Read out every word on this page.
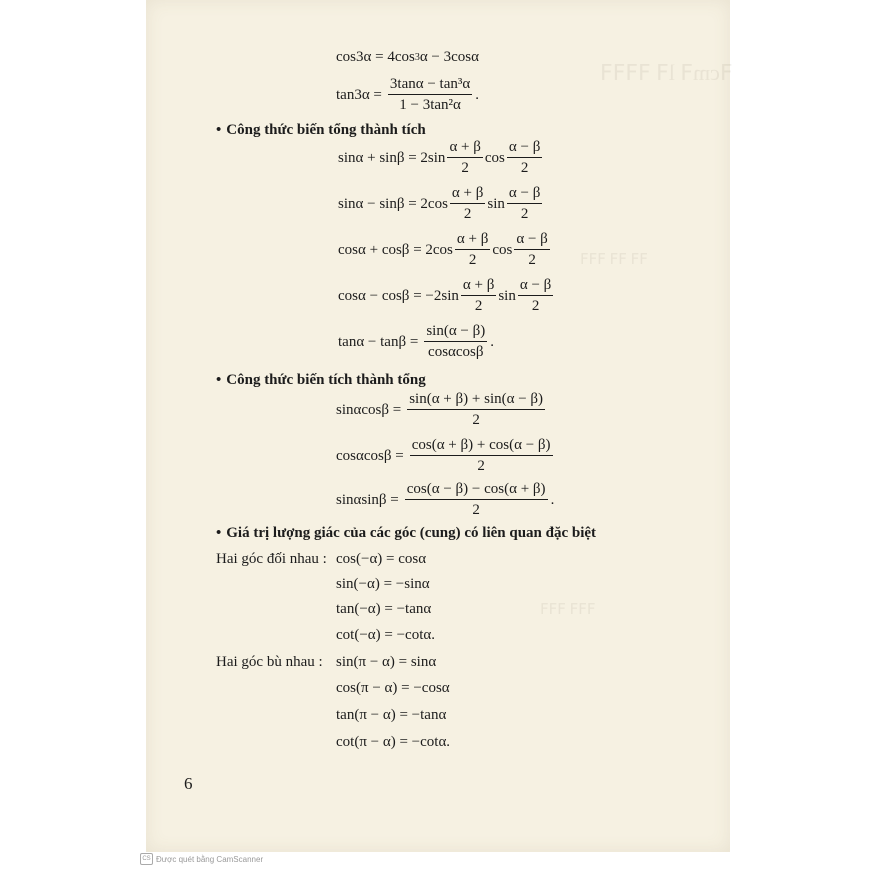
ꟻcmꟻ lꟻ ꟻꟻꟻꟻ
ꟻꟻ ꟻꟻ ꟻꟻꟻ
ꟻꟻꟻ ꟻꟻꟻ
cos3α = 4cos 3 α − 3cosα
$\tan 3\alpha = \frac{\text{3tanα − tan³α}}{\text{1 − 3tan²α}}$ .
• Công thức biến tổng thành tích
$\sin\alpha + \sin\beta = 2\sin \frac{\alpha + \beta}{2}$ $\cos \frac{\alpha - \beta}{2}$
$\sin\alpha - \sin\beta = 2\cos \frac{\alpha + \beta}{2}$ $\sin \frac{\alpha - \beta}{2}$
$\cos\alpha + \cos\beta = 2\cos \frac{\alpha + \beta}{2}$ $\cos \frac{\alpha - \beta}{2}$
$\cos\alpha - \cos\beta = -2\sin \frac{\alpha + \beta}{2}$ $\sin \frac{\alpha - \beta}{2}$
$\tan\alpha - \tan\beta = \frac{\sin(\alpha - \beta)}{\cos\alpha\cos\beta}$ .
• Công thức biến tích thành tổng
$\sin\alpha\cos\beta = \frac{\sin(\alpha + \beta) + \sin(\alpha - \beta)}{2}$
$\cos\alpha\cos\beta = \frac{\cos(\alpha + \beta) + \cos(\alpha - \beta)}{2}$
$\sin\alpha\sin\beta = \frac{\cos(\alpha - \beta) - \cos(\alpha + \beta)}{2}$ .
• Giá trị lượng giác của các góc (cung) có liên quan đặc biệt
Hai góc đối nhau : cos(−α) = cosα
sin(−α) = −sinα
tan(−α) = −tanα
cot(−α) = −cotα.
Hai góc bù nhau : sin(π − α) = sinα
cos(π − α) = −cosα
tan(π − α) = −tanα
cot(π − α) = −cotα.
6
CS Được quét bằng CamScanner
